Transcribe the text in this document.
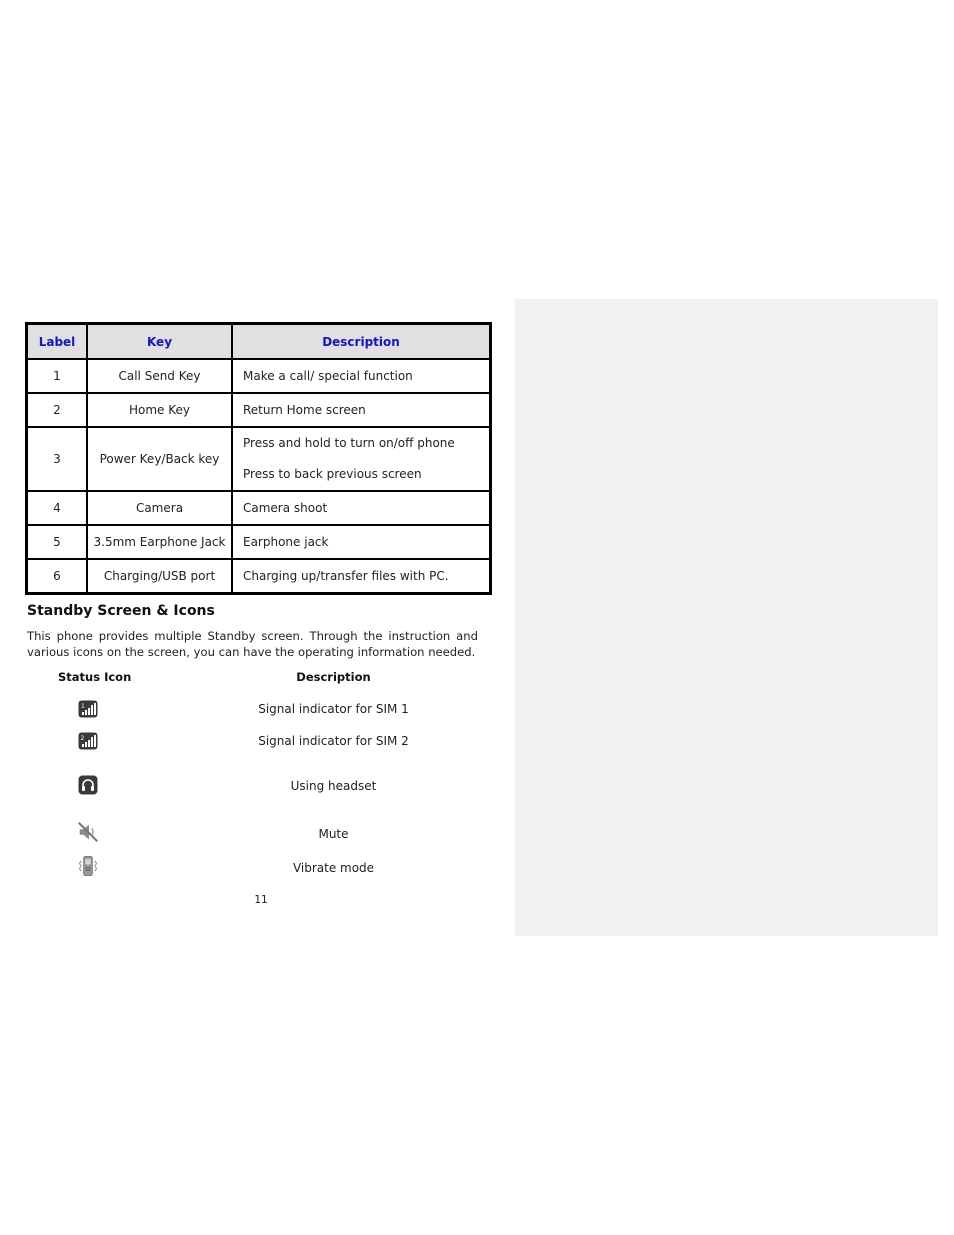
Label	Key	Description
1	Call Send Key	Make a call/ special function
2	Home Key	Return Home screen
3	Power Key/Back key	Press and hold to turn on/off phone
Press to back previous screen

4	Camera	Camera shoot
5	3.5mm Earphone Jack	Earphone jack
6	Charging/USB port	Charging up/transfer files with PC.
Standby Screen & Icons
This phone provides multiple Standby screen. Through the instruction and various icons on the screen, you can have the operating information needed.
Status Icon	Description
1	Signal indicator for SIM 1
2	Signal indicator for SIM 2
Using headset
Mute
Vibrate mode
11
